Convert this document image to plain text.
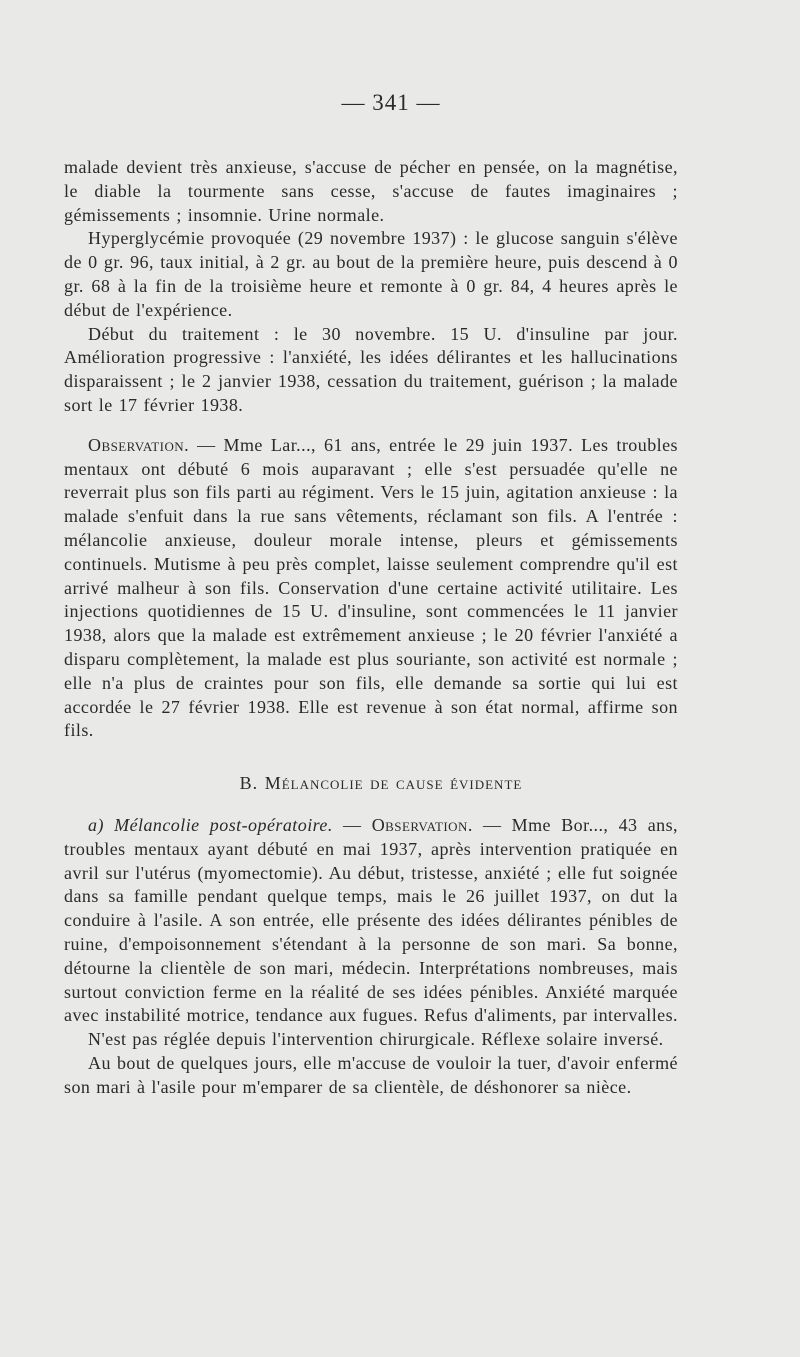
— 341 —

malade devient très anxieuse, s'accuse de pécher en pensée, on la magnétise, le diable la tourmente sans cesse, s'accuse de fautes imaginaires ; gémissements ; insomnie. Urine normale.

Hyperglycémie provoquée (29 novembre 1937) : le glucose sanguin s'élève de 0 gr. 96, taux initial, à 2 gr. au bout de la première heure, puis descend à 0 gr. 68 à la fin de la troisième heure et remonte à 0 gr. 84, 4 heures après le début de l'expérience.

Début du traitement : le 30 novembre. 15 U. d'insuline par jour. Amélioration progressive : l'anxiété, les idées délirantes et les hallucinations disparaissent ; le 2 janvier 1938, cessation du traitement, guérison ; la malade sort le 17 février 1938.

Observation. — Mme Lar..., 61 ans, entrée le 29 juin 1937. Les troubles mentaux ont débuté 6 mois auparavant ; elle s'est persuadée qu'elle ne reverrait plus son fils parti au régiment. Vers le 15 juin, agitation anxieuse : la malade s'enfuit dans la rue sans vêtements, réclamant son fils. A l'entrée : mélancolie anxieuse, douleur morale intense, pleurs et gémissements continuels. Mutisme à peu près complet, laisse seulement comprendre qu'il est arrivé malheur à son fils. Conservation d'une certaine activité utilitaire. Les injections quotidiennes de 15 U. d'insuline, sont commencées le 11 janvier 1938, alors que la malade est extrêmement anxieuse ; le 20 février l'anxiété a disparu complètement, la malade est plus souriante, son activité est normale ; elle n'a plus de craintes pour son fils, elle demande sa sortie qui lui est accordée le 27 février 1938. Elle est revenue à son état normal, affirme son fils.

B. Mélancolie de cause évidente

a) Mélancolie post-opératoire. — Observation. — Mme Bor..., 43 ans, troubles mentaux ayant débuté en mai 1937, après intervention pratiquée en avril sur l'utérus (myomectomie). Au début, tristesse, anxiété ; elle fut soignée dans sa famille pendant quelque temps, mais le 26 juillet 1937, on dut la conduire à l'asile. A son entrée, elle présente des idées délirantes pénibles de ruine, d'empoisonnement s'étendant à la personne de son mari. Sa bonne, détourne la clientèle de son mari, médecin. Interprétations nombreuses, mais surtout conviction ferme en la réalité de ses idées pénibles. Anxiété marquée avec instabilité motrice, tendance aux fugues. Refus d'aliments, par intervalles.

N'est pas réglée depuis l'intervention chirurgicale. Réflexe solaire inversé.

Au bout de quelques jours, elle m'accuse de vouloir la tuer, d'avoir enfermé son mari à l'asile pour m'emparer de sa clientèle, de déshonorer sa nièce.
